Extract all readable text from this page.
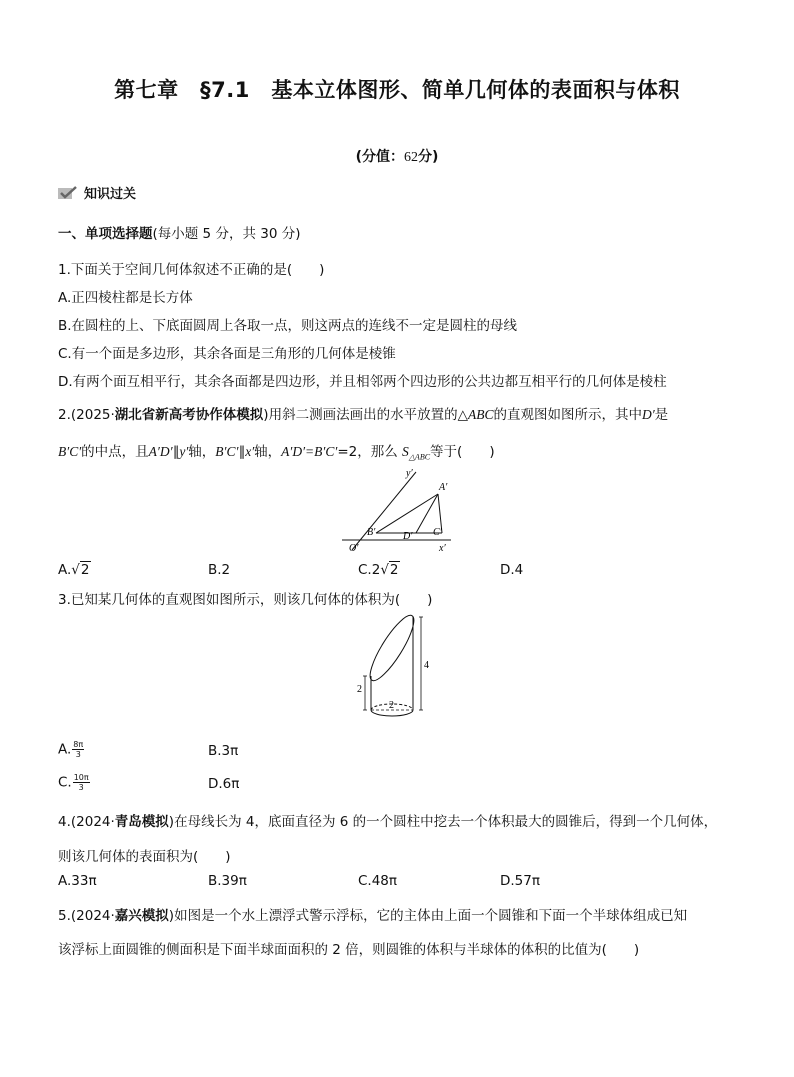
第七章　§7.1　基本立体图形、简单几何体的表面积与体积
(分值：62分)
知识过关
一、单项选择题(每小题 5 分，共 30 分)
1.下面关于空间几何体叙述不正确的是(　　)
A.正四棱柱都是长方体
B.在圆柱的上、下底面圆周上各取一点，则这两点的连线不一定是圆柱的母线
C.有一个面是多边形，其余各面是三角形的几何体是棱锥
D.有两个面互相平行，其余各面都是四边形，并且相邻两个四边形的公共边都互相平行的几何体是棱柱
2.(2025·湖北省新高考协作体模拟)用斜二测画法画出的水平放置的△ABC的直观图如图所示，其中D′是
B′C′的中点，且A′D′∥y′轴，B′C′∥x′轴，A′D′=B′C′=2，那么 $S_{\triangle ABC}$等于(　　)
y′
A′
B′	C′
D′
O′	x′
A.√2	B.2	C.2√2	D.4
3.已知某几何体的直观图如图所示，则该几何体的体积为(　　)
2
4
2
A. $\frac{8\pi}{3}$	B.3π
C. $\frac{10\pi}{3}$	D.6π
4.(2024·青岛模拟)在母线长为 4，底面直径为 6 的一个圆柱中挖去一个体积最大的圆锥后，得到一个几何体，
则该几何体的表面积为(　　)
A.33π	B.39π	C.48π	D.57π
5.(2024·嘉兴模拟)如图是一个水上漂浮式警示浮标，它的主体由上面一个圆锥和下面一个半球体组成已知
该浮标上面圆锥的侧面积是下面半球面面积的 2 倍，则圆锥的体积与半球体的体积的比值为(　　)
